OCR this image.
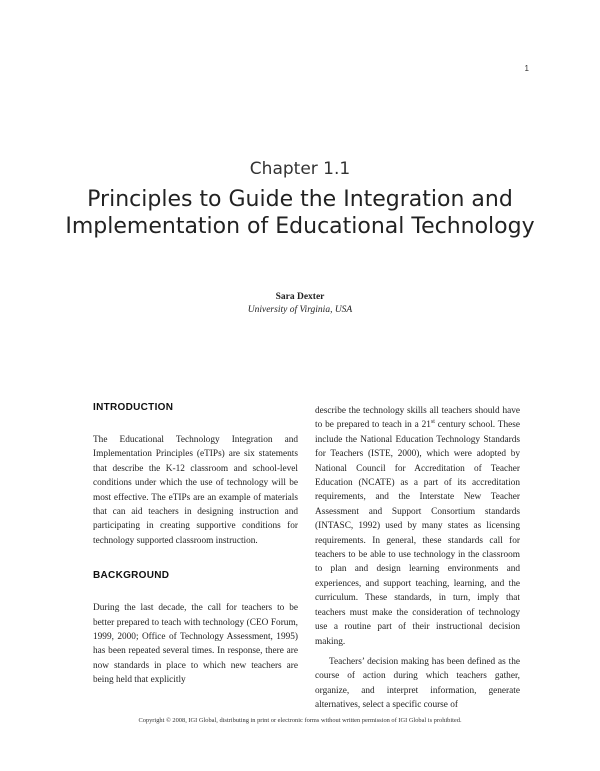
1
Chapter 1.1
Principles to Guide the Integration and Implementation of Educational Technology
Sara Dexter
University of Virginia, USA
INTRODUCTION

The Educational Technology Integration and Implementation Principles (eTIPs) are six statements that describe the K-12 classroom and school-level conditions under which the use of technology will be most effective. The eTIPs are an example of materials that can aid teachers in designing instruction and participating in creating supportive conditions for technology supported classroom instruction.

BACKGROUND

During the last decade, the call for teachers to be better prepared to teach with technology (CEO Forum, 1999, 2000; Office of Technology Assessment, 1995) has been repeated several times. In response, there are now standards in place to which new teachers are being held that explicitly

describe the technology skills all teachers should have to be prepared to teach in a 21st century school. These include the National Education Technology Standards for Teachers (ISTE, 2000), which were adopted by National Council for Accreditation of Teacher Education (NCATE) as a part of its accreditation requirements, and the Interstate New Teacher Assessment and Support Consortium standards (INTASC, 1992) used by many states as licensing requirements. In general, these standards call for teachers to be able to use technology in the classroom to plan and design learning environments and experiences, and support teaching, learning, and the curriculum. These standards, in turn, imply that teachers must make the consideration of technology use a routine part of their instructional decision making.

Teachers’ decision making has been defined as the course of action during which teachers gather, organize, and interpret information, generate alternatives, select a specific course of

Copyright © 2008, IGI Global, distributing in print or electronic forms without written permission of IGI Global is prohibited.
